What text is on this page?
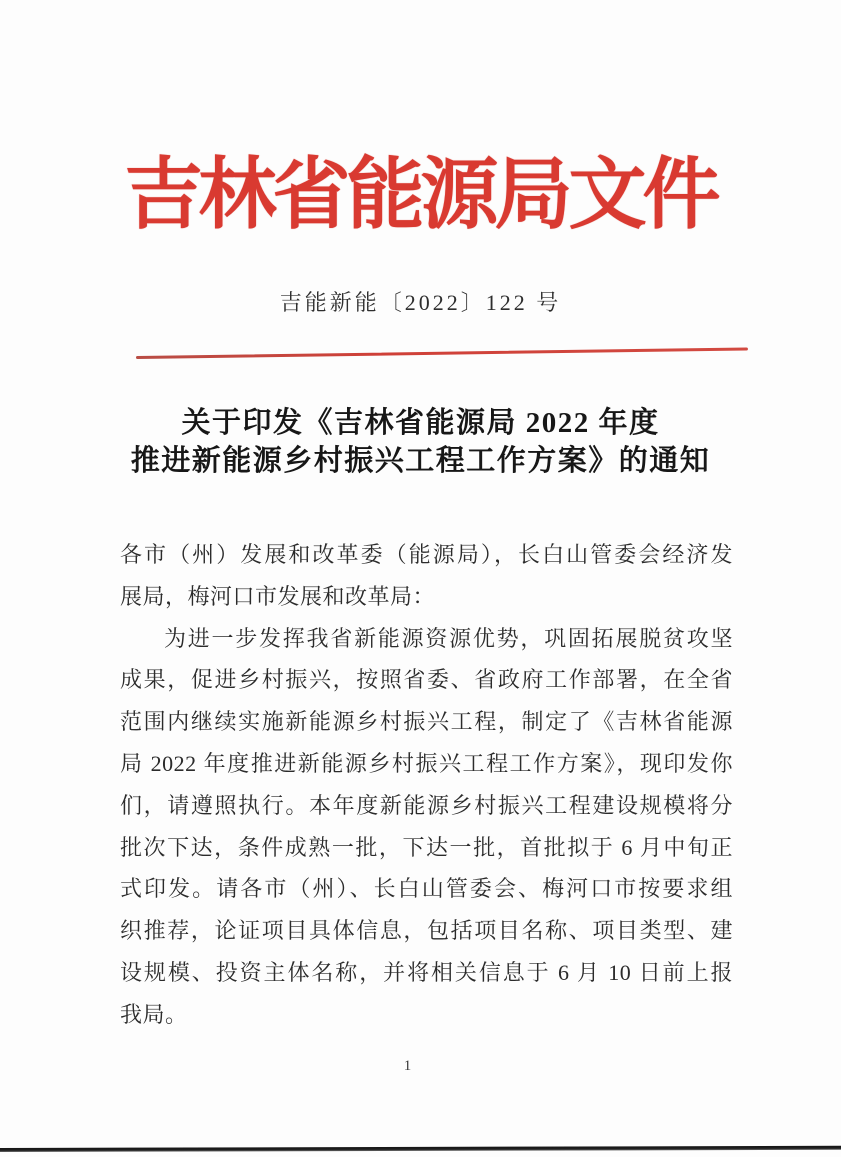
吉林省能源局文件
吉能新能〔2022〕122 号
关于印发《吉林省能源局 2022 年度
推进新能源乡村振兴工程工作方案》的通知
各市（州）发展和改革委（能源局），长白山管委会经济发
展局，梅河口市发展和改革局：
为进一步发挥我省新能源资源优势，巩固拓展脱贫攻坚
成果，促进乡村振兴，按照省委、省政府工作部署，在全省
范围内继续实施新能源乡村振兴工程，制定了《吉林省能源
局 2022 年度推进新能源乡村振兴工程工作方案》，现印发你
们，请遵照执行。本年度新能源乡村振兴工程建设规模将分
批次下达，条件成熟一批，下达一批，首批拟于 6 月中旬正
式印发。请各市（州）、长白山管委会、梅河口市按要求组
织推荐，论证项目具体信息，包括项目名称、项目类型、建
设规模、投资主体名称，并将相关信息于 6 月 10 日前上报
我局。
1
